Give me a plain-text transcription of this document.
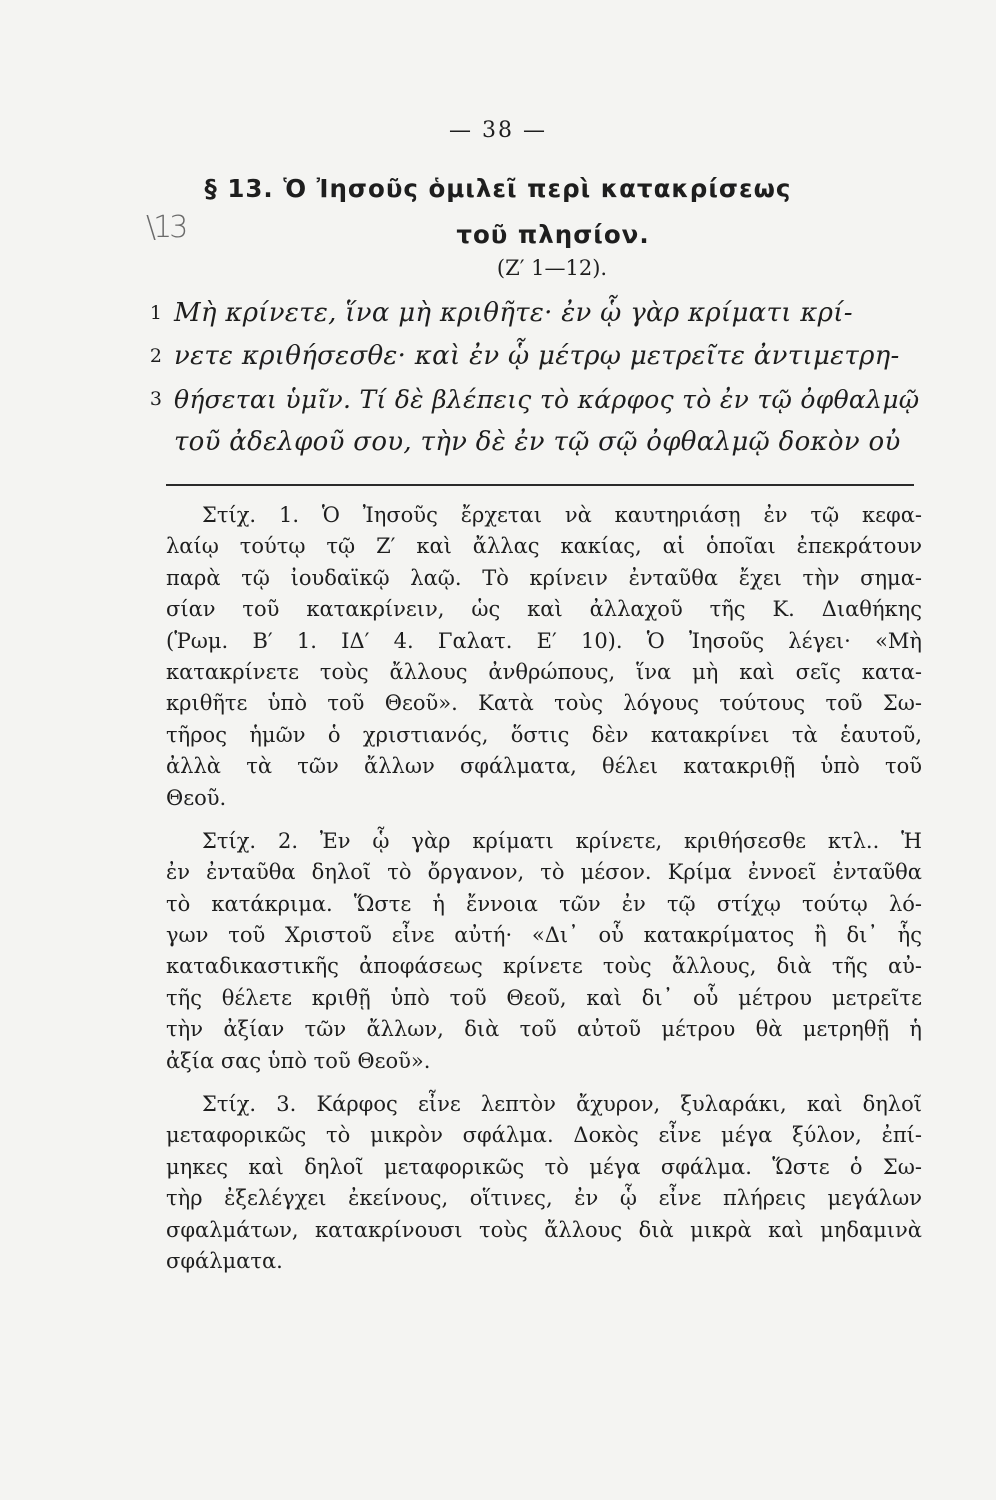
— 38 —
\13
§ 13. Ὁ Ἰησοῦς ὁμιλεῖ περὶ κατακρίσεως
τοῦ πλησίον.
(Ζ′ 1—12).
1 Μὴ κρίνετε, ἵνα μὴ κριθῆτε· ἐν ᾧ γὰρ κρίματι κρί-
2 νετε κριθήσεσθε· καὶ ἐν ᾧ μέτρῳ μετρεῖτε ἀντιμετρη-
3 θήσεται ὑμῖν. Τί δὲ βλέπεις τὸ κάρφος τὸ ἐν τῷ ὀφθαλμῷ
τοῦ ἀδελφοῦ σου, τὴν δὲ ἐν τῷ σῷ ὀφθαλμῷ δοκὸν οὐ
Στίχ. 1. Ὁ Ἰησοῦς ἔρχεται νὰ καυτηριάσῃ ἐν τῷ κεφα-
λαίῳ τούτῳ τῷ Ζ′ καὶ ἄλλας κακίας, αἱ ὁποῖαι ἐπεκράτουν
παρὰ τῷ ἰουδαϊκῷ λαῷ. Τὸ κρίνειν ἐνταῦθα ἔχει τὴν σημα-
σίαν τοῦ κατακρίνειν, ὡς καὶ ἀλλαχοῦ τῆς Κ. Διαθήκης
(Ῥωμ. Β′ 1. ΙΔ′ 4. Γαλατ. Ε′ 10). Ὁ Ἰησοῦς λέγει· «Μὴ
κατακρίνετε τοὺς ἄλλους ἀνθρώπους, ἵνα μὴ καὶ σεῖς κατα-
κριθῆτε ὑπὸ τοῦ Θεοῦ». Κατὰ τοὺς λόγους τούτους τοῦ Σω-
τῆρος ἡμῶν ὁ χριστιανός, ὅστις δὲν κατακρίνει τὰ ἑαυτοῦ,
ἀλλὰ τὰ τῶν ἄλλων σφάλματα, θέλει κατακριθῇ ὑπὸ τοῦ
Θεοῦ.
Στίχ. 2. Ἐν ᾧ γὰρ κρίματι κρίνετε, κριθήσεσθε κτλ.. Ἡ
ἐν ἐνταῦθα δηλοῖ τὸ ὄργανον, τὸ μέσον. Κρίμα ἐννοεῖ ἐνταῦθα
τὸ κατάκριμα. Ὥστε ἡ ἔννοια τῶν ἐν τῷ στίχῳ τούτῳ λό-
γων τοῦ Χριστοῦ εἶνε αὐτή· «Δι᾽ οὗ κατακρίματος ἢ δι᾽ ἧς
καταδικαστικῆς ἀποφάσεως κρίνετε τοὺς ἄλλους, διὰ τῆς αὐ-
τῆς θέλετε κριθῇ ὑπὸ τοῦ Θεοῦ, καὶ δι᾽ οὗ μέτρου μετρεῖτε
τὴν ἀξίαν τῶν ἄλλων, διὰ τοῦ αὐτοῦ μέτρου θὰ μετρηθῇ ἡ
ἀξία σας ὑπὸ τοῦ Θεοῦ».
Στίχ. 3. Κάρφος εἶνε λεπτὸν ἄχυρον, ξυλαράκι, καὶ δηλοῖ
μεταφορικῶς τὸ μικρὸν σφάλμα. Δοκὸς εἶνε μέγα ξύλον, ἐπί-
μηκες καὶ δηλοῖ μεταφορικῶς τὸ μέγα σφάλμα. Ὥστε ὁ Σω-
τὴρ ἐξελέγχει ἐκείνους, οἵτινες, ἐν ᾧ εἶνε πλήρεις μεγάλων
σφαλμάτων, κατακρίνουσι τοὺς ἄλλους διὰ μικρὰ καὶ μηδαμινὰ
σφάλματα.
